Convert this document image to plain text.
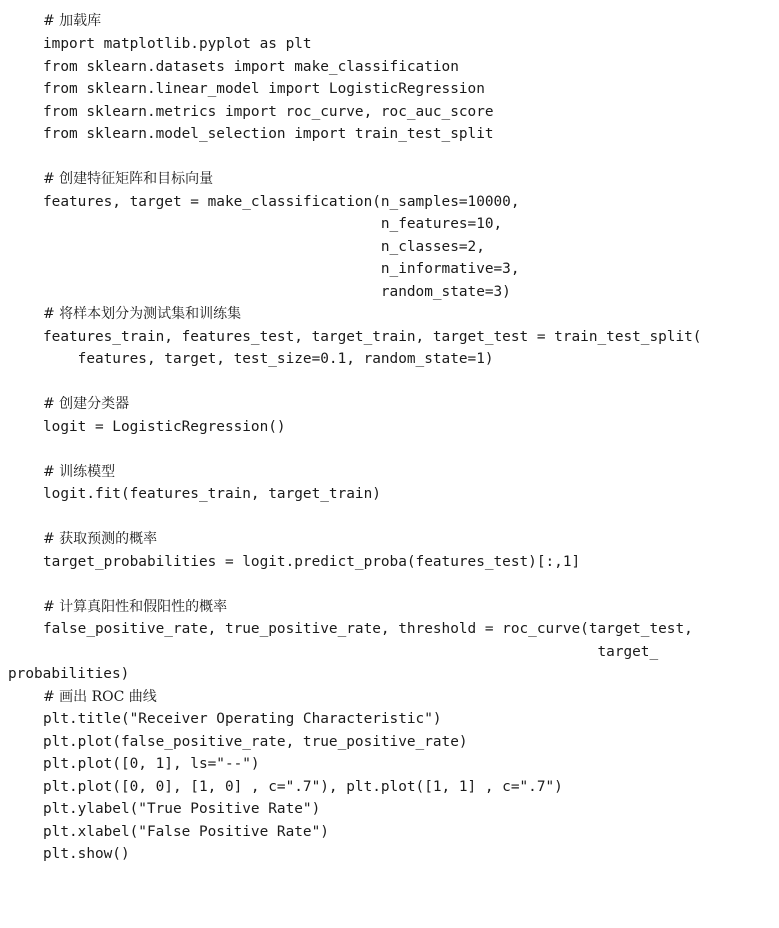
# 加载库
import matplotlib.pyplot as plt
from sklearn.datasets import make_classification
from sklearn.linear_model import LogisticRegression
from sklearn.metrics import roc_curve, roc_auc_score
from sklearn.model_selection import train_test_split
# 创建特征矩阵和目标向量
features, target = make_classification(n_samples=10000,
n_features=10,
n_classes=2,
n_informative=3,
random_state=3)
# 将样本划分为测试集和训练集
features_train, features_test, target_train, target_test = train_test_split(
features, target, test_size=0.1, random_state=1)
# 创建分类器
logit = LogisticRegression()
# 训练模型
logit.fit(features_train, target_train)
# 获取预测的概率
target_probabilities = logit.predict_proba(features_test)[:,1]
# 计算真阳性和假阳性的概率
false_positive_rate, true_positive_rate, threshold = roc_curve(target_test,
target_
probabilities)
# 画出 ROC 曲线
plt.title("Receiver Operating Characteristic")
plt.plot(false_positive_rate, true_positive_rate)
plt.plot([0, 1], ls="--")
plt.plot([0, 0], [1, 0] , c=".7"), plt.plot([1, 1] , c=".7")
plt.ylabel("True Positive Rate")
plt.xlabel("False Positive Rate")
plt.show()
